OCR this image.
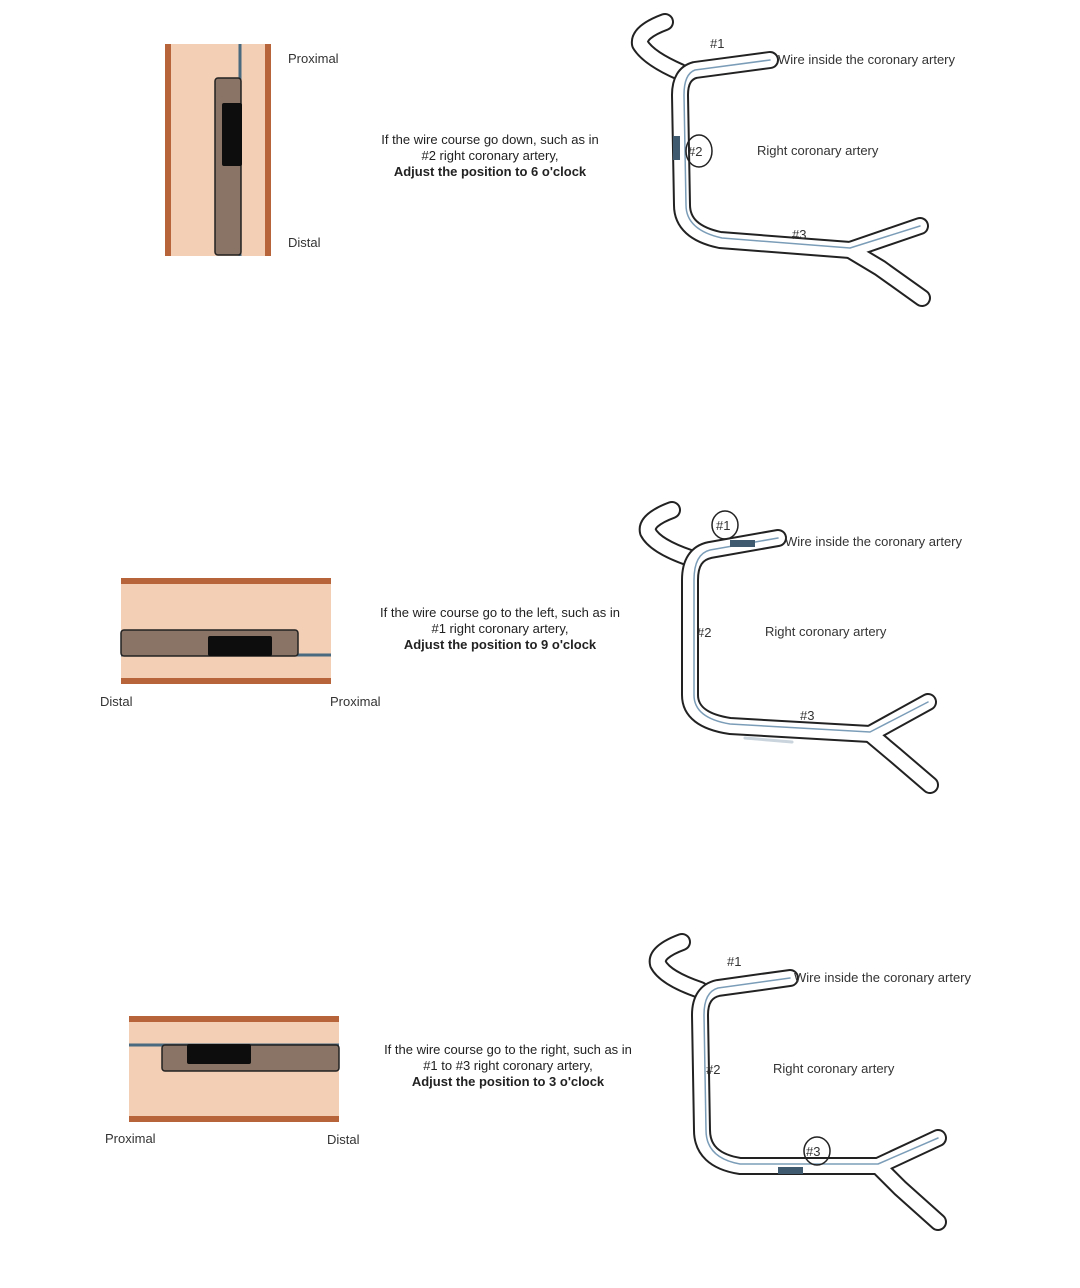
#2
#1
#3
Wire inside the coronary artery
Right coronary artery
Proximal
Distal
If the wire course go down, such as in
#2 right coronary artery,
Adjust the position to 6 o'clock
#1
#2
#3
Wire inside the coronary artery
Right coronary artery
Distal	Proximal
If the wire course go to the left, such as in
#1 right coronary artery,
Adjust the position to 9 o'clock
#3
#1
#2
Wire inside the coronary artery
Right coronary artery
Proximal	Distal
If the wire course go to the right, such as in
#1 to #3 right coronary artery,
Adjust the position to 3 o'clock
